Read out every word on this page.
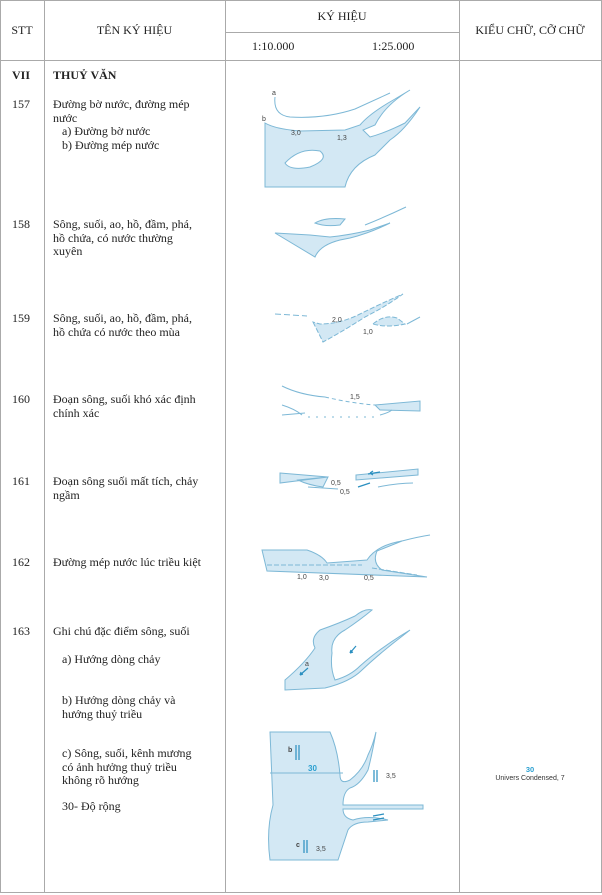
STT	TÊN KÝ HIỆU
KÝ HIỆU
1:10.000	1:25.000
KIỂU CHỮ, CỠ CHỮ
VII THUỶ VĂN
157 Đường bờ nước, đường mép
nước
a) Đường bờ nước
b) Đường mép nước
a
b
3,0
1,3
158 Sông, suối, ao, hồ, đầm, phá,
hồ chứa, có nước thường
xuyên
159 Sông, suối, ao, hồ, đầm, phá,
hồ chứa có nước theo mùa
2,0
1,0
160 Đoạn sông, suối khó xác định
chính xác
1,5
161 Đoạn sông suối mất tích, chảy
ngầm
0,5
0,5
162 Đường mép nước lúc triều kiệt
1,0 3,0	0,5
163 Ghi chú đặc điểm sông, suối
a) Hướng dòng chảy
b) Hướng dòng chảy và
hướng thuỷ triều
c) Sông, suối, kênh mương
có ảnh hưởng thuỷ triều
không rõ hướng
30- Độ rộng
a
30
b
3,5
c
3,5
30
Univers Condensed, 7
